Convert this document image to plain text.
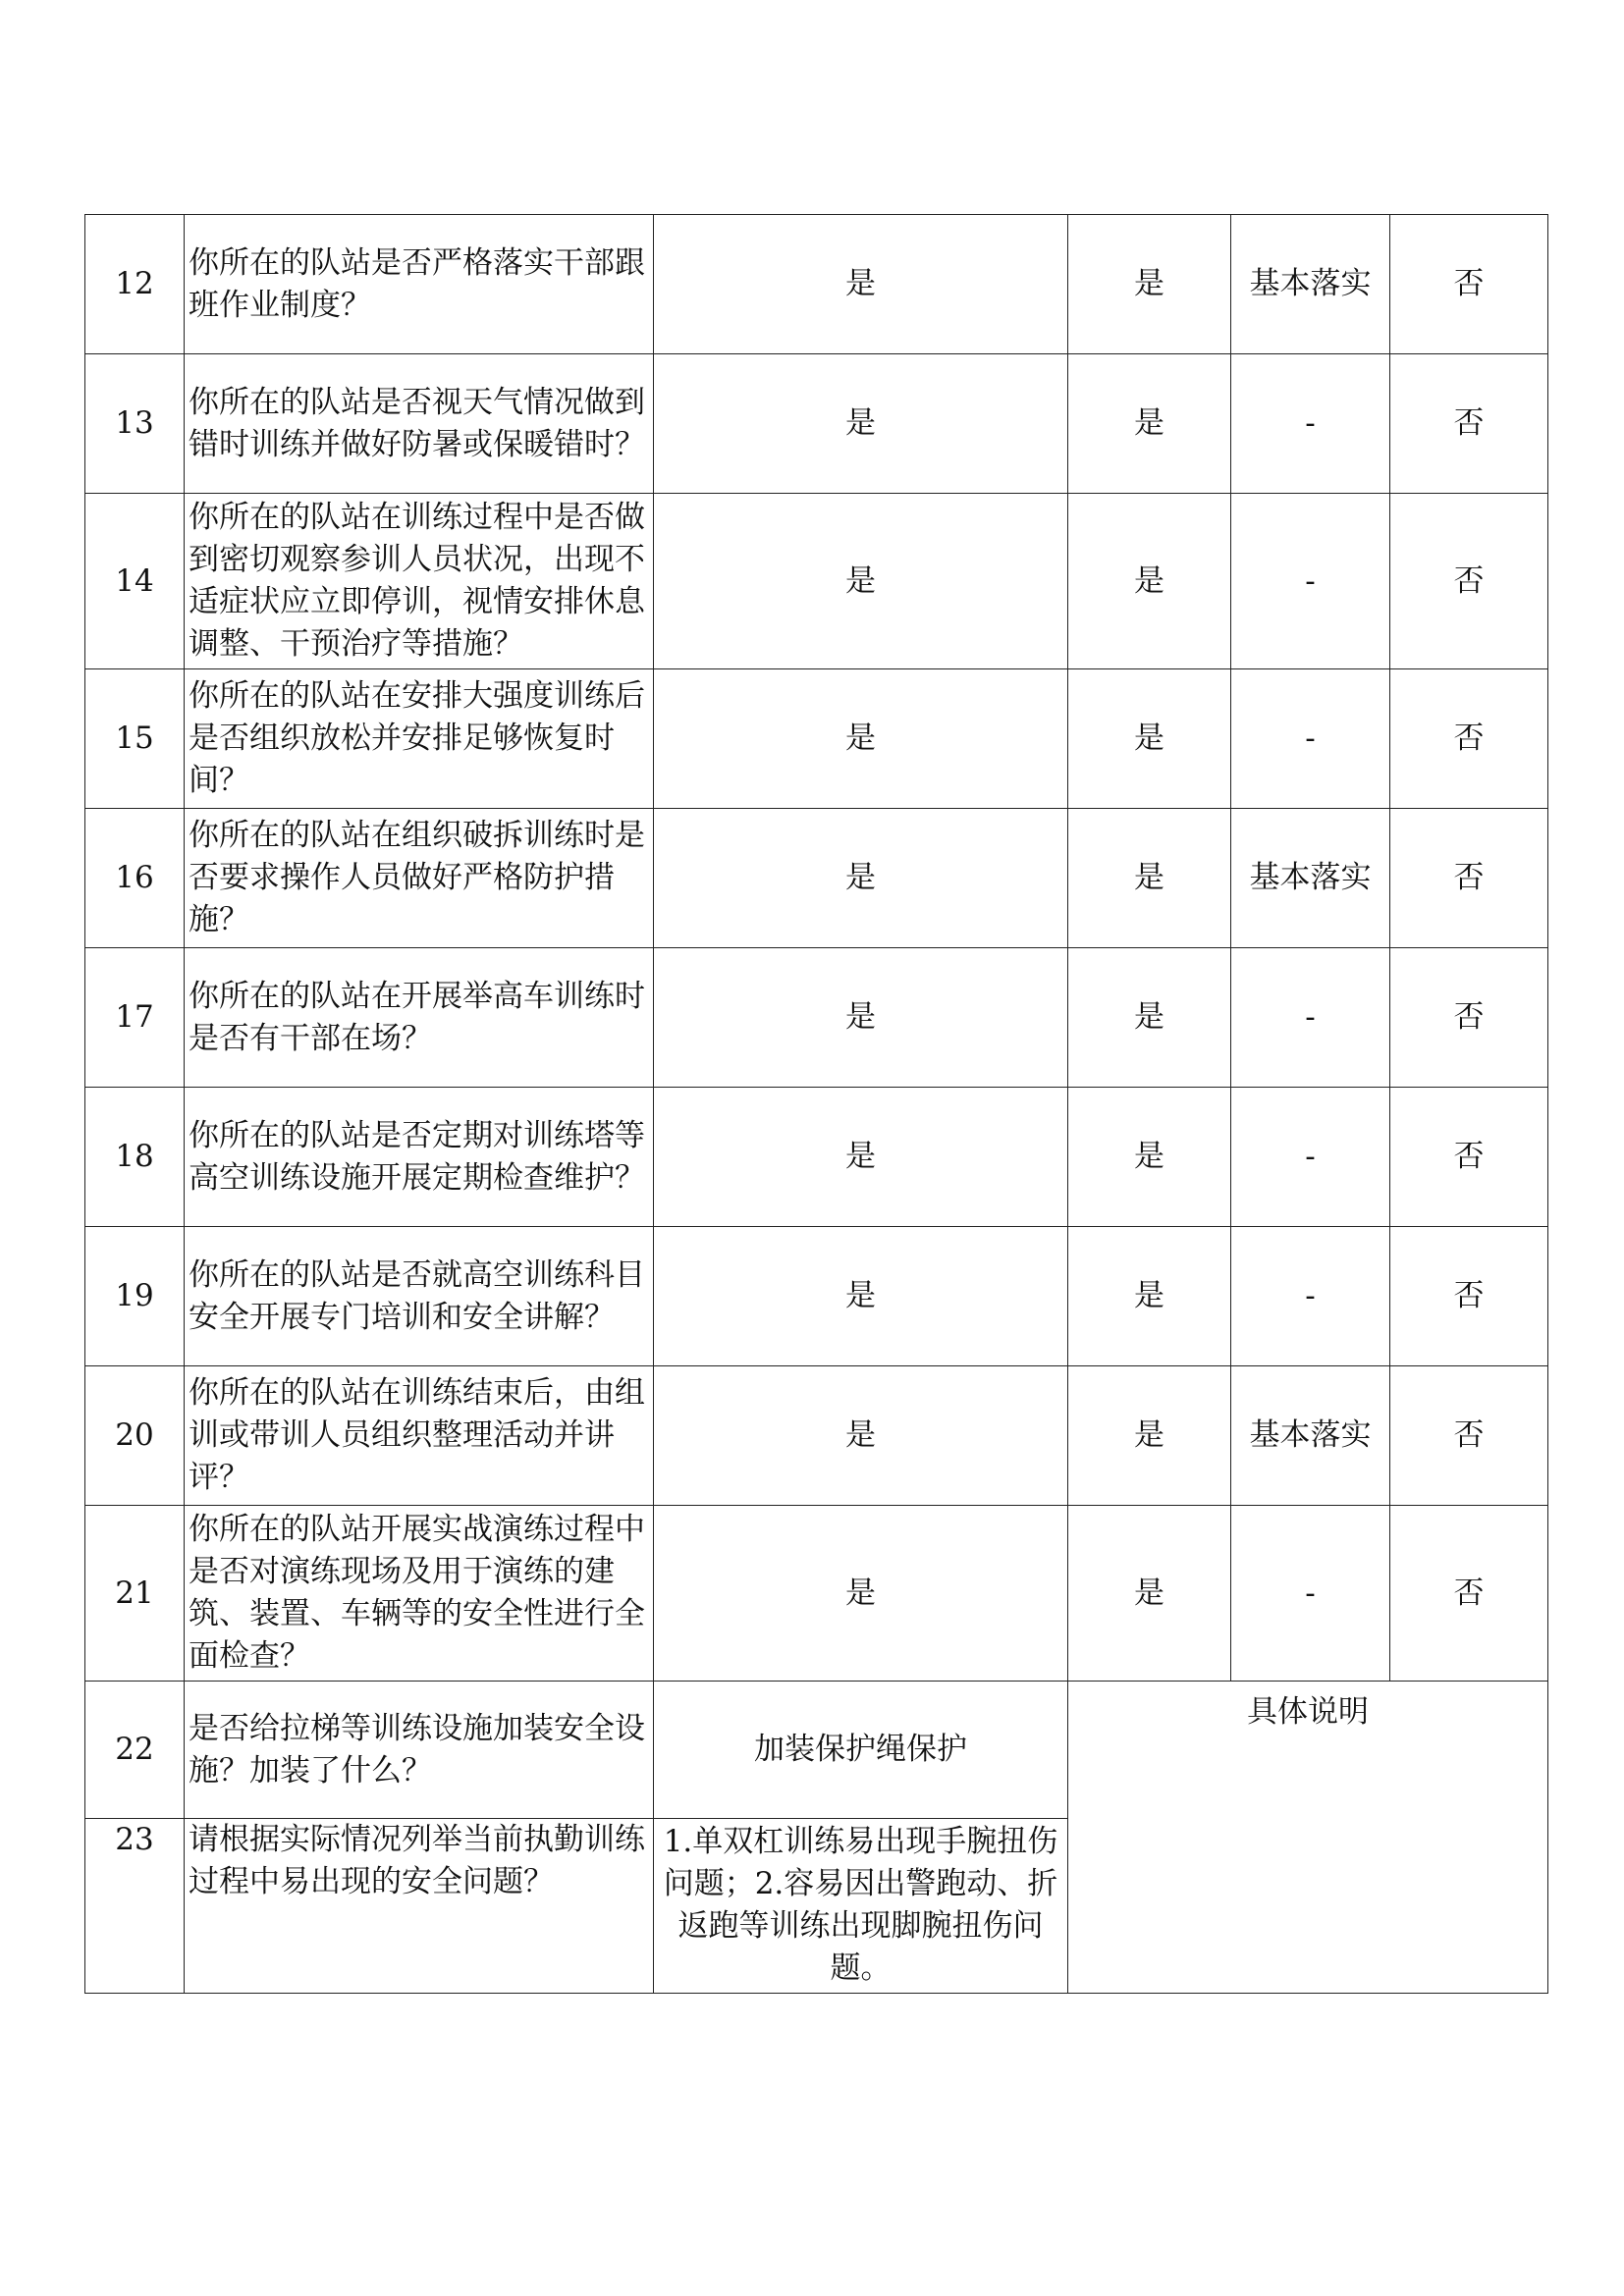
12	你所在的队站是否严格落实干部跟班作业制度？	是	是	基本落实	否
13	你所在的队站是否视天气情况做到错时训练并做好防暑或保暖错时？	是	是	-	否
14	你所在的队站在训练过程中是否做到密切观察参训人员状况，出现不适症状应立即停训，视情安排休息调整、干预治疗等措施？	是	是	-	否
15	你所在的队站在安排大强度训练后是否组织放松并安排足够恢复时间？	是	是	-	否
16	你所在的队站在组织破拆训练时是否要求操作人员做好严格防护措施？	是	是	基本落实	否
17	你所在的队站在开展举高车训练时是否有干部在场？	是	是	-	否
18	你所在的队站是否定期对训练塔等高空训练设施开展定期检查维护？	是	是	-	否
19	你所在的队站是否就高空训练科目安全开展专门培训和安全讲解？	是	是	-	否
20	你所在的队站在训练结束后，由组训或带训人员组织整理活动并讲评？	是	是	基本落实	否
21	你所在的队站开展实战演练过程中是否对演练现场及用于演练的建筑、装置、车辆等的安全性进行全面检查？	是	是	-	否
22	是否给拉梯等训练设施加装安全设施？加装了什么？	加装保护绳保护	具体说明		
23	请根据实际情况列举当前执勤训练过程中易出现的安全问题？	1.单双杠训练易出现手腕扭伤问题；2.容易因出警跑动、折返跑等训练出现脚腕扭伤问题。			
